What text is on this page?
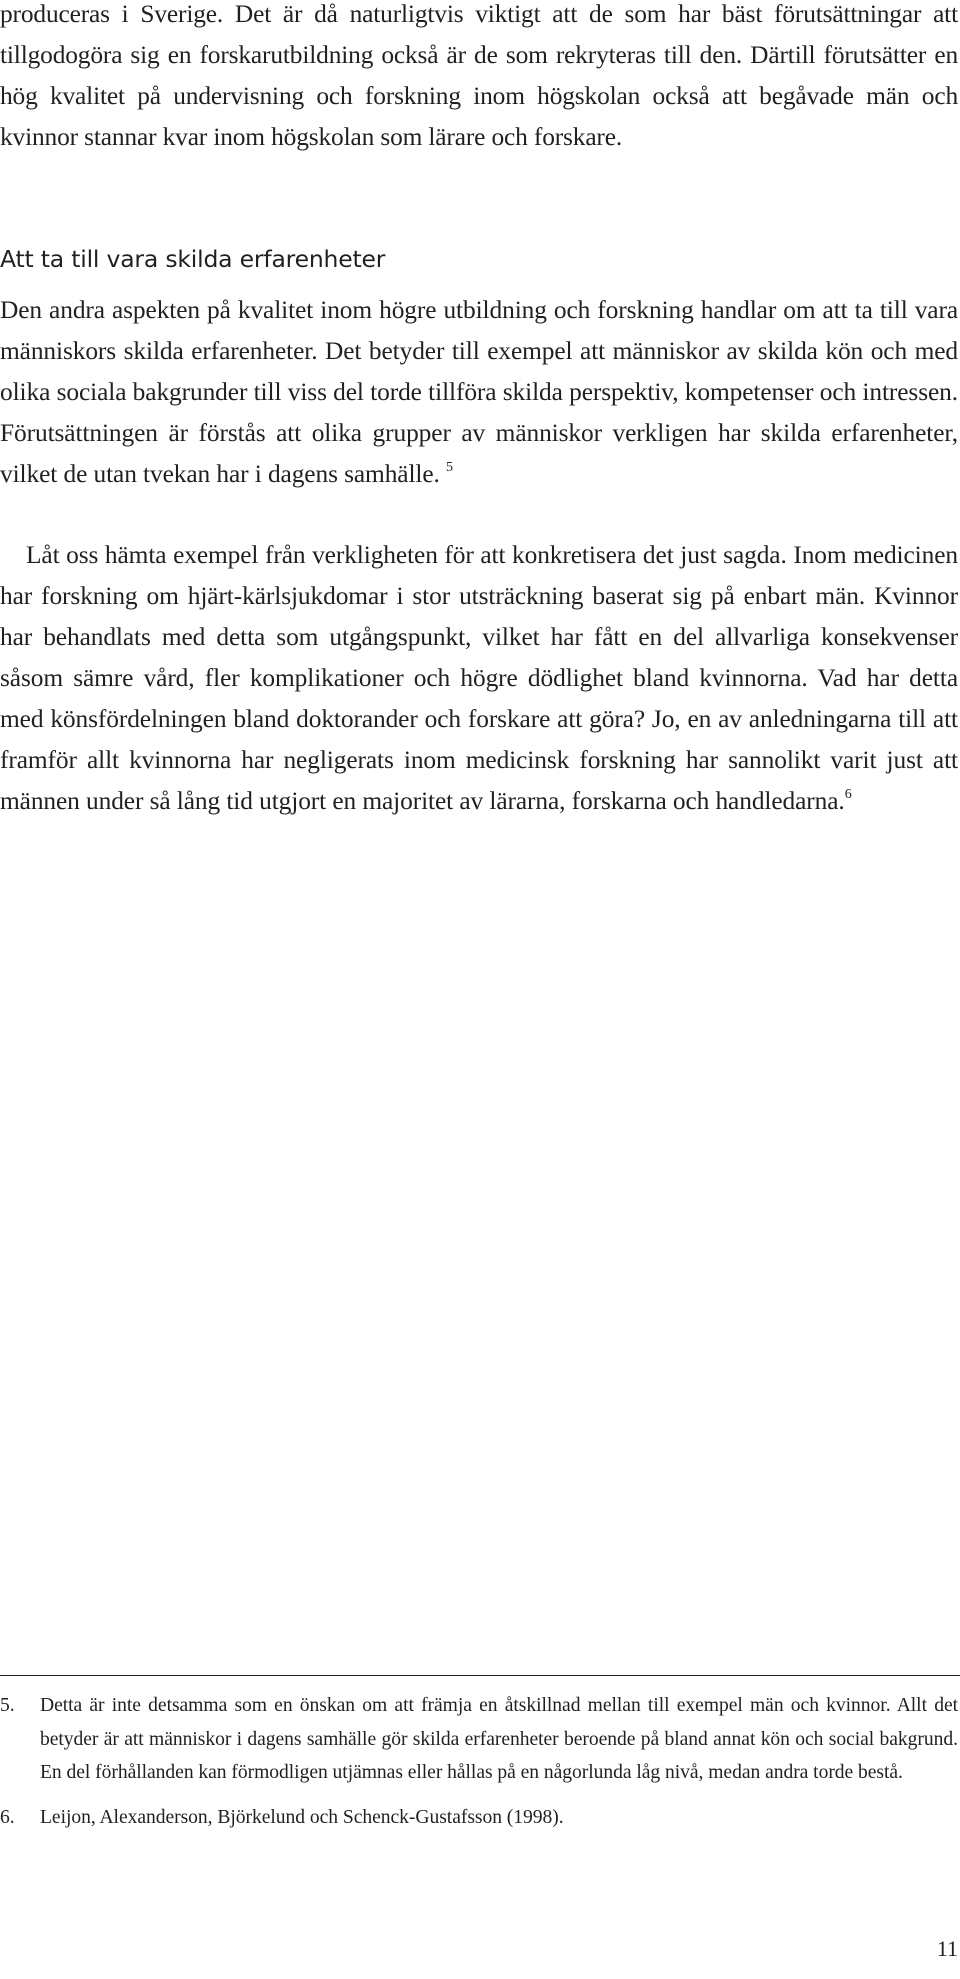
produceras i Sverige. Det är då naturligtvis viktigt att de som har bäst förutsättningar att tillgodogöra sig en forskarutbildning också är de som rekryteras till den. Därtill förutsätter en hög kvalitet på undervisning och forskning inom högskolan också att begåvade män och kvinnor stannar kvar inom högskolan som lärare och forskare.

Att ta till vara skilda erfarenheter

Den andra aspekten på kvalitet inom högre utbildning och forskning handlar om att ta till vara människors skilda erfarenheter. Det betyder till exempel att människor av skilda kön och med olika sociala bakgrunder till viss del torde tillföra skilda perspektiv, kompetenser och intressen. Förutsättningen är förstås att olika grupper av människor verkligen har skilda erfarenheter, vilket de utan tvekan har i dagens samhälle. $^5$

Låt oss hämta exempel från verkligheten för att konkretisera det just sagda. Inom medicinen har forskning om hjärt-kärlsjukdomar i stor utsträckning baserat sig på enbart män. Kvinnor har behandlats med detta som utgångspunkt, vilket har fått en del allvarliga konsekvenser såsom sämre vård, fler komplikationer och högre dödlighet bland kvinnorna. Vad har detta med könsfördelningen bland doktorander och forskare att göra? Jo, en av anledningarna till att framför allt kvinnorna har negligerats inom medicinsk forskning har sannolikt varit just att männen under så lång tid utgjort en majoritet av lärarna, forskarna och handledarna.$^6$

5. Detta är inte detsamma som en önskan om att främja en åtskillnad mellan till exempel män och kvinnor. Allt det betyder är att människor i dagens samhälle gör skilda erfarenheter beroende på bland annat kön och social bakgrund. En del förhållanden kan förmodligen utjämnas eller hållas på en någorlunda låg nivå, medan andra torde bestå.

6. Leijon, Alexanderson, Björkelund och Schenck-Gustafsson (1998).

11
